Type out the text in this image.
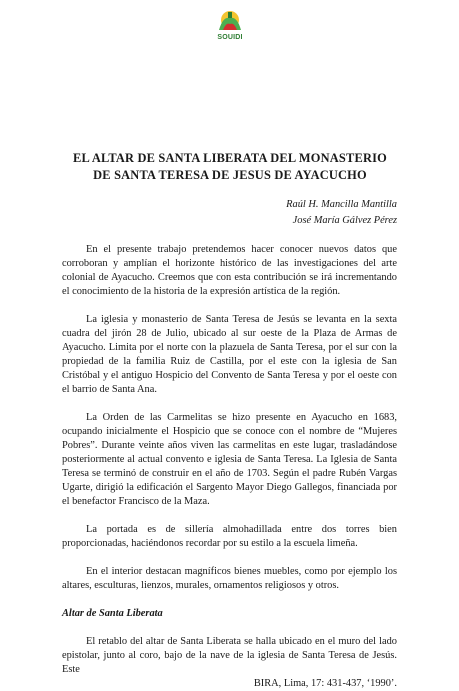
SOUIDI
EL ALTAR DE SANTA LIBERATA DEL MONASTERIO
DE SANTA TERESA DE JESUS DE AYACUCHO
Raúl H. Mancilla Mantilla
José María Gálvez Pérez

En el presente trabajo pretendemos hacer conocer nuevos datos que corroboran y amplían el horizonte histórico de las investigaciones del arte colonial de Ayacucho. Creemos que con esta contribución se irá incrementando el conocimiento de la historia de la expresión artística de la región.

La iglesia y monasterio de Santa Teresa de Jesús se levanta en la sexta cuadra del jirón 28 de Julio, ubicado al sur oeste de la Plaza de Armas de Ayacucho. Limita por el norte con la plazuela de Santa Teresa, por el sur con la propiedad de la familia Ruiz de Castilla, por el este con la iglesia de San Cristóbal y el antiguo Hospicio del Convento de Santa Teresa y por el oeste con el barrio de Santa Ana.

La Orden de las Carmelitas se hizo presente en Ayacucho en 1683, ocupando inicialmente el Hospicio que se conoce con el nombre de “Mujeres Pobres”. Durante veinte años viven las carmelitas en este lugar, trasladándose posteriormente al actual convento e iglesia de Santa Teresa. La Iglesia de Santa Teresa se terminó de construir en el año de 1703. Según el padre Rubén Vargas Ugarte, dirigió la edificación el Sargento Mayor Diego Gallegos, financiada por el benefactor Francisco de la Maza.

La portada es de sillería almohadillada entre dos torres bien proporcionadas, haciéndonos recordar por su estilo a la escuela limeña.

En el interior destacan magníficos bienes muebles, como por ejemplo los altares, esculturas, lienzos, murales, ornamentos religiosos y otros.

Altar de Santa Liberata

El retablo del altar de Santa Liberata se halla ubicado en el muro del lado epistolar, junto al coro, bajo de la nave de la iglesia de Santa Teresa de Jesús. Este

BIRA, Lima, 17: 431-437, ‘1990’.
